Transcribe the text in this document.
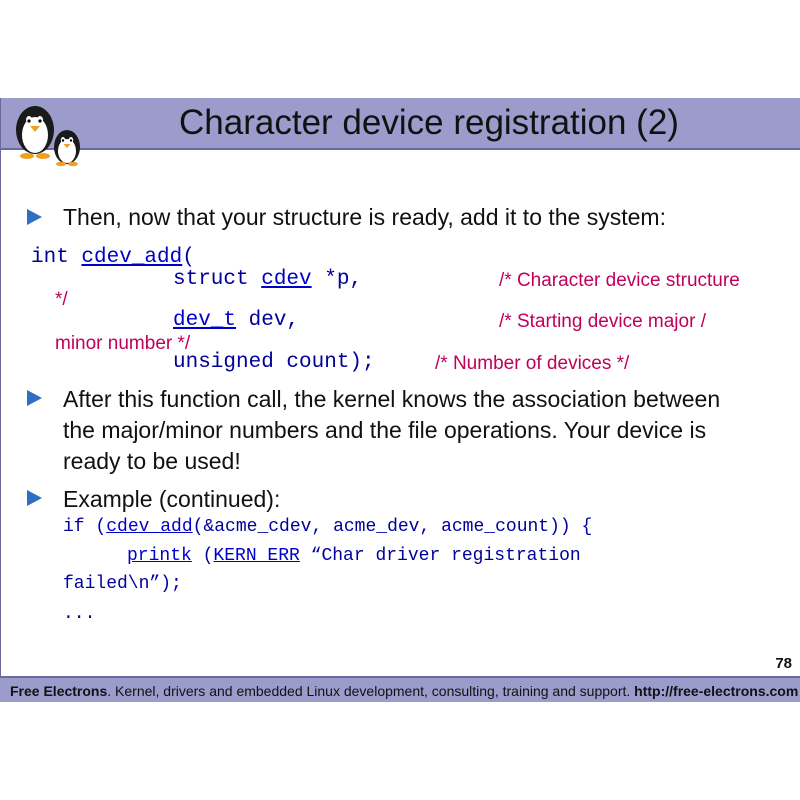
Character device registration (2)
Then, now that your structure is ready, add it to the system:
int cdev_add(
struct cdev *p,	/* Character device structure
*/
dev_t dev,	/* Starting device major /
minor number */
unsigned count);	/* Number of devices */
After this function call, the kernel knows the association between
the major/minor numbers and the file operations. Your device is
ready to be used!
Example (continued):
if (cdev_add(&acme_cdev, acme_dev, acme_count)) {
printk (KERN_ERR “Char driver registration
failed\n”);
...
78
Free Electrons. Kernel, drivers and embedded Linux development, consulting, training and support. http://free-electrons.com
